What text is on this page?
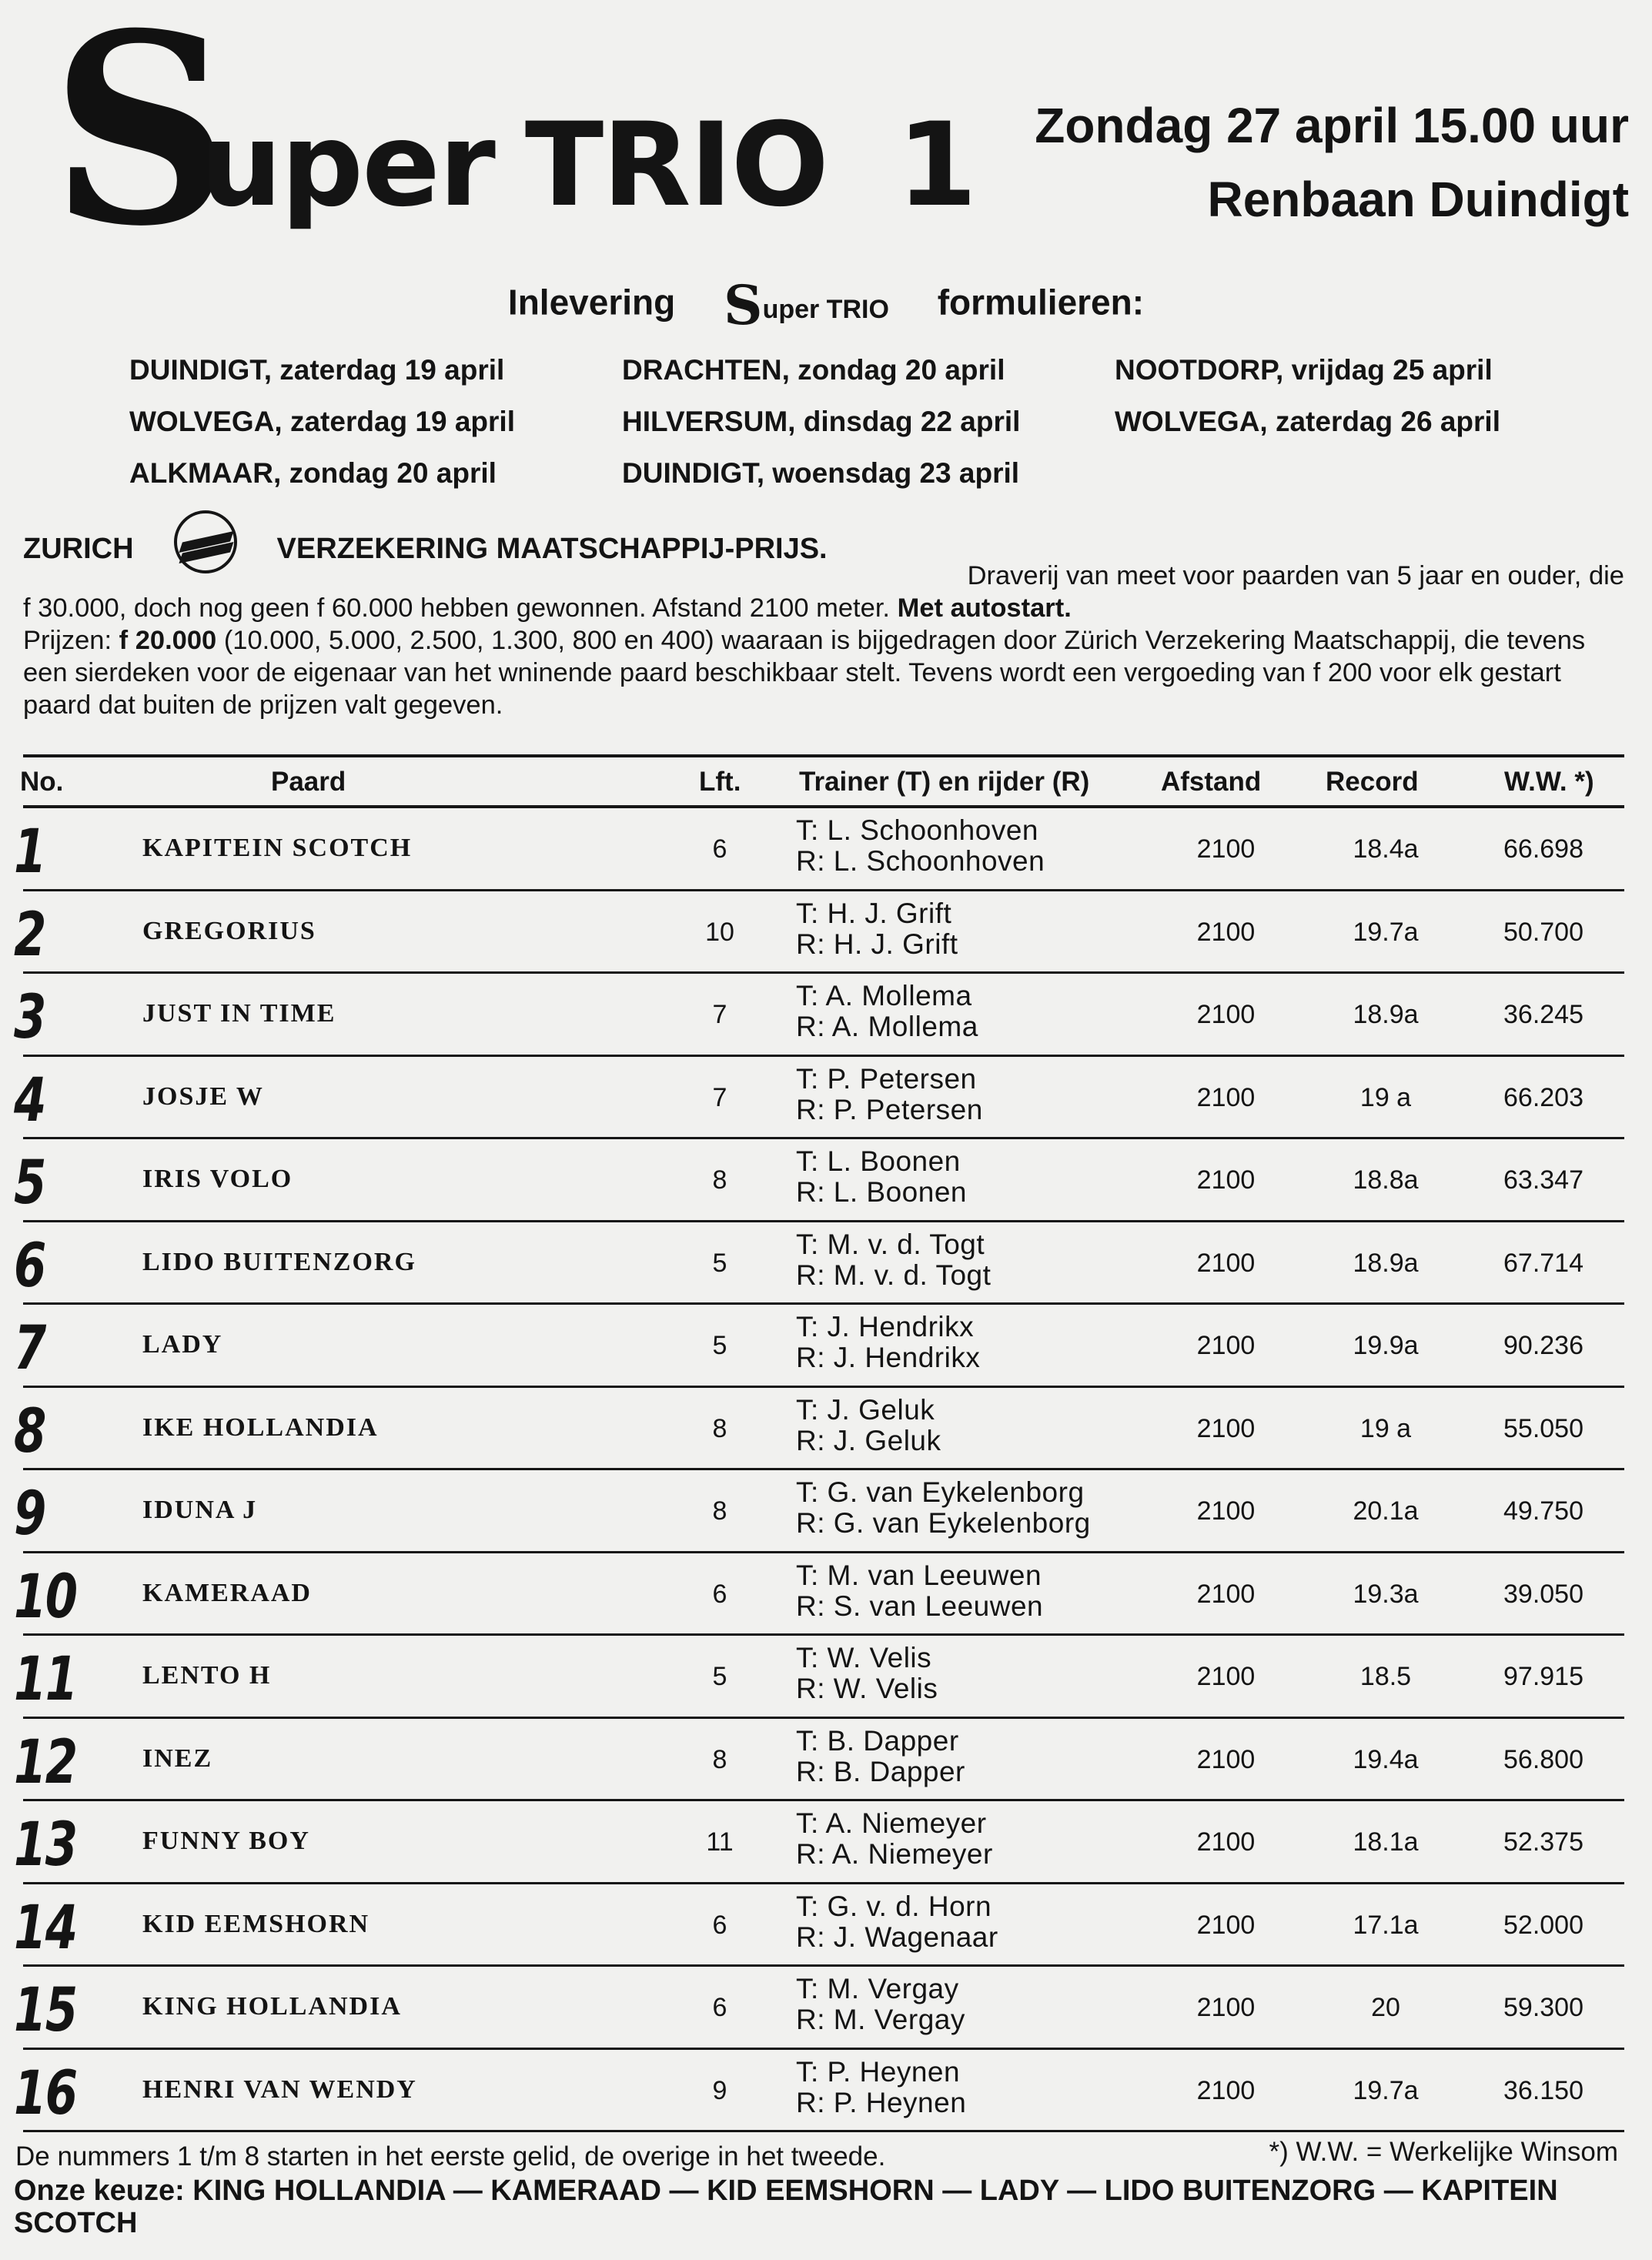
S
uper TRIO 1	Zondag 27 april 15.00 uur
Renbaan Duindigt
Inlevering Super TRIO formulieren:
DUINDIGT, zaterdag 19 april	DRACHTEN, zondag 20 april	NOOTDORP, vrijdag 25 april
WOLVEGA, zaterdag 19 april	HILVERSUM, dinsdag 22 april	WOLVEGA, zaterdag 26 april
ALKMAAR, zondag 20 april	DUINDIGT, woensdag 23 april
ZURICH	VERZEKERING MAATSCHAPPIJ-PRIJS.

Draverij van meet voor paarden van 5 jaar en ouder, die

f 30.000, doch nog geen f 60.000 hebben gewonnen. Afstand 2100 meter. Met autostart.

Prijzen: f 20.000 (10.000, 5.000, 2.500, 1.300, 800 en 400) waaraan is bijgedragen door Zürich Verzekering Maatschappij, die tevens een sierdeken voor de eigenaar van het wninende paard beschikbaar stelt. Tevens wordt een vergoeding van f 200 voor elk gestart paard dat buiten de prijzen valt gegeven.

No.	Paard	Lft. Trainer (T) en rijder (R)	Afstand Record	W.W. *)
1	KAPITEIN SCOTCH	6
T: L. Schoonhoven
R: L. Schoonhoven	2100	18.4a	66.698
2	GREGORIUS	10
T: H. J. Grift
R: H. J. Grift	2100	19.7a	50.700
3	JUST IN TIME	7
T: A. Mollema
R: A. Mollema	2100	18.9a	36.245
4	JOSJE W	7
T: P. Petersen
R: P. Petersen	2100	19 a	66.203
5	IRIS VOLO	8
T: L. Boonen
R: L. Boonen	2100	18.8a	63.347
6	LIDO BUITENZORG	5
T: M. v. d. Togt
R: M. v. d. Togt	2100	18.9a	67.714
7	LADY	5
T: J. Hendrikx
R: J. Hendrikx	2100	19.9a	90.236
8	IKE HOLLANDIA	8
T: J. Geluk
R: J. Geluk	2100	19 a	55.050
9	IDUNA J	8
T: G. van Eykelenborg
R: G. van Eykelenborg	2100	20.1a	49.750
10	KAMERAAD	6
T: M. van Leeuwen
R: S. van Leeuwen	2100	19.3a	39.050
11	LENTO H	5
T: W. Velis
R: W. Velis	2100	18.5	97.915
12	INEZ	8
T: B. Dapper
R: B. Dapper	2100	19.4a	56.800
13	FUNNY BOY	11
T: A. Niemeyer
R: A. Niemeyer	2100	18.1a	52.375
14	KID EEMSHORN	6
T: G. v. d. Horn
R: J. Wagenaar	2100	17.1a	52.000
15	KING HOLLANDIA	6
T: M. Vergay
R: M. Vergay	2100	20	59.300
16	HENRI VAN WENDY	9
T: P. Heynen
R: P. Heynen	2100	19.7a	36.150
De nummers 1 t/m 8 starten in het eerste gelid, de overige in het tweede.	*) W.W. = Werkelijke Winsom
Onze keuze: KING HOLLANDIA — KAMERAAD — KID EEMSHORN — LADY — LIDO BUITENZORG — KAPITEIN SCOTCH
